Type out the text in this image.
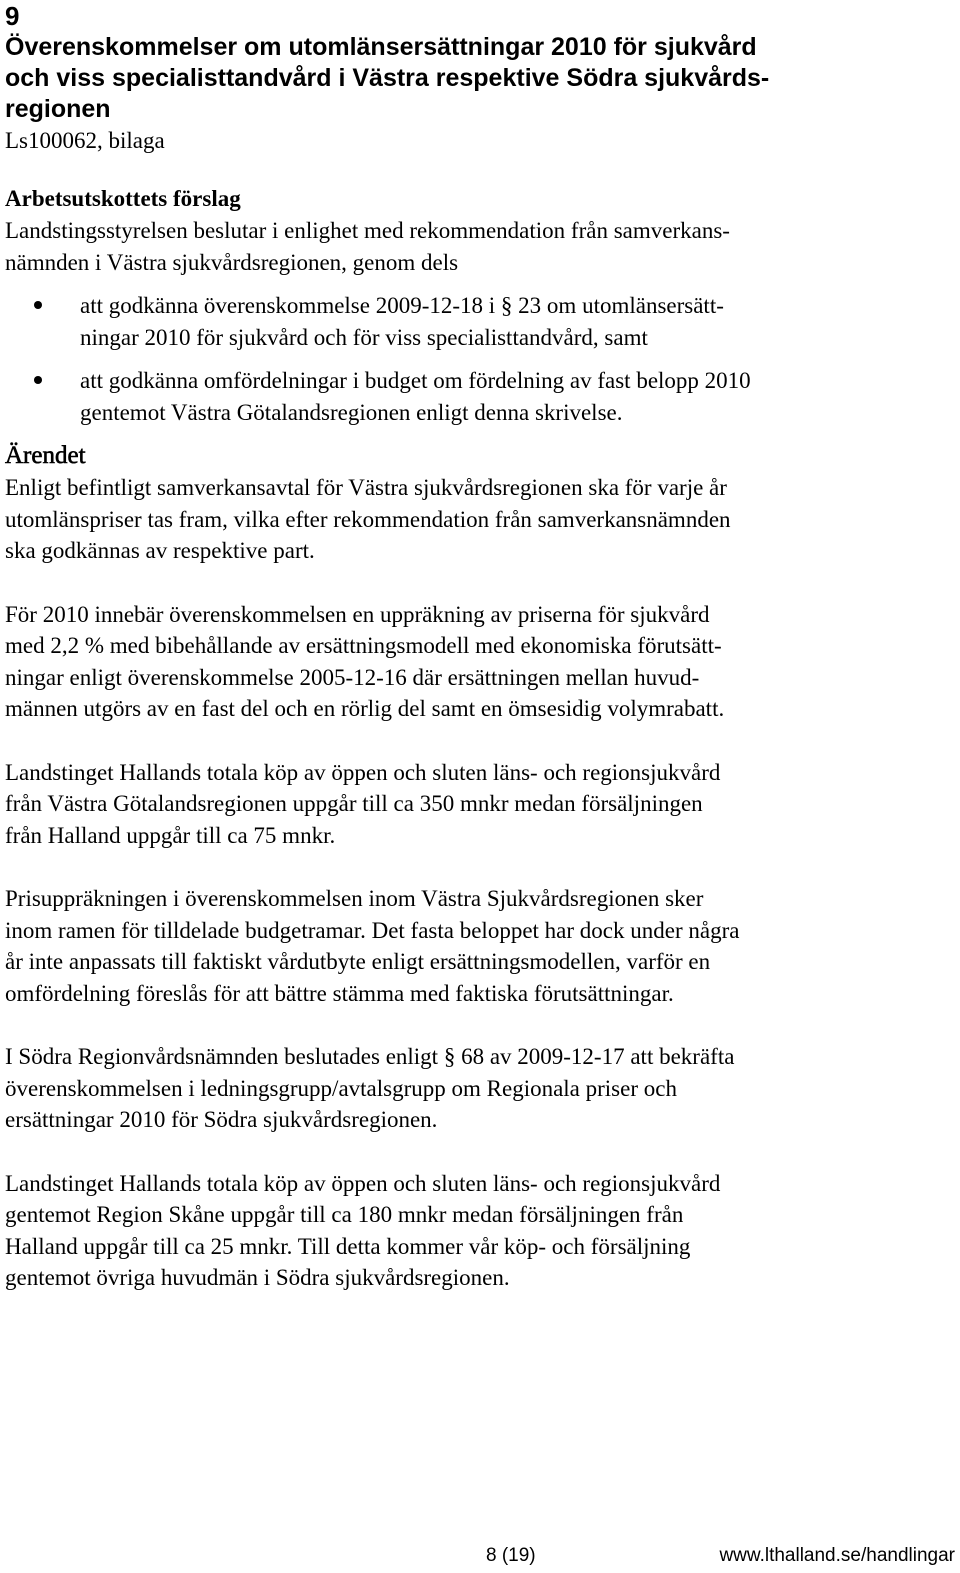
9
Överenskommelser om utomlänsersättningar 2010 för sjukvård
och viss specialisttandvård i Västra respektive Södra sjukvårds-
regionen

Ls100062, bilaga

Arbetsutskottets förslag

Landstingsstyrelsen beslutar i enlighet med rekommendation från samverkans-
nämnden i Västra sjukvårdsregionen, genom dels

att godkänna överenskommelse 2009-12-18 i § 23 om utomlänsersätt-
ningar 2010 för sjukvård och för viss specialisttandvård, samt

att godkänna omfördelningar i budget om fördelning av fast belopp 2010
gentemot Västra Götalandsregionen enligt denna skrivelse.

Ärendet

Enligt befintligt samverkansavtal för Västra sjukvårdsregionen ska för varje år
utomlänspriser tas fram, vilka efter rekommendation från samverkansnämnden
ska godkännas av respektive part.

För 2010 innebär överenskommelsen en uppräkning av priserna för sjukvård
med 2,2 % med bibehållande av ersättningsmodell med ekonomiska förutsätt-
ningar enligt överenskommelse 2005-12-16 där ersättningen mellan huvud-
männen utgörs av en fast del och en rörlig del samt en ömsesidig volymrabatt.

Landstinget Hallands totala köp av öppen och sluten läns- och regionsjukvård
från Västra Götalandsregionen uppgår till ca 350 mnkr medan försäljningen
från Halland uppgår till ca 75 mnkr.

Prisuppräkningen i överenskommelsen inom Västra Sjukvårdsregionen sker
inom ramen för tilldelade budgetramar. Det fasta beloppet har dock under några
år inte anpassats till faktiskt vårdutbyte enligt ersättningsmodellen, varför en
omfördelning föreslås för att bättre stämma med faktiska förutsättningar.

I Södra Regionvårdsnämnden beslutades enligt § 68 av 2009-12-17 att bekräfta
överenskommelsen i ledningsgrupp/avtalsgrupp om Regionala priser och
ersättningar 2010 för Södra sjukvårdsregionen.

Landstinget Hallands totala köp av öppen och sluten läns- och regionsjukvård
gentemot Region Skåne uppgår till ca 180 mnkr medan försäljningen från
Halland uppgår till ca 25 mnkr. Till detta kommer vår köp- och försäljning
gentemot övriga huvudmän i Södra sjukvårdsregionen.

8 (19)	www.lthalland.se/handlingar
